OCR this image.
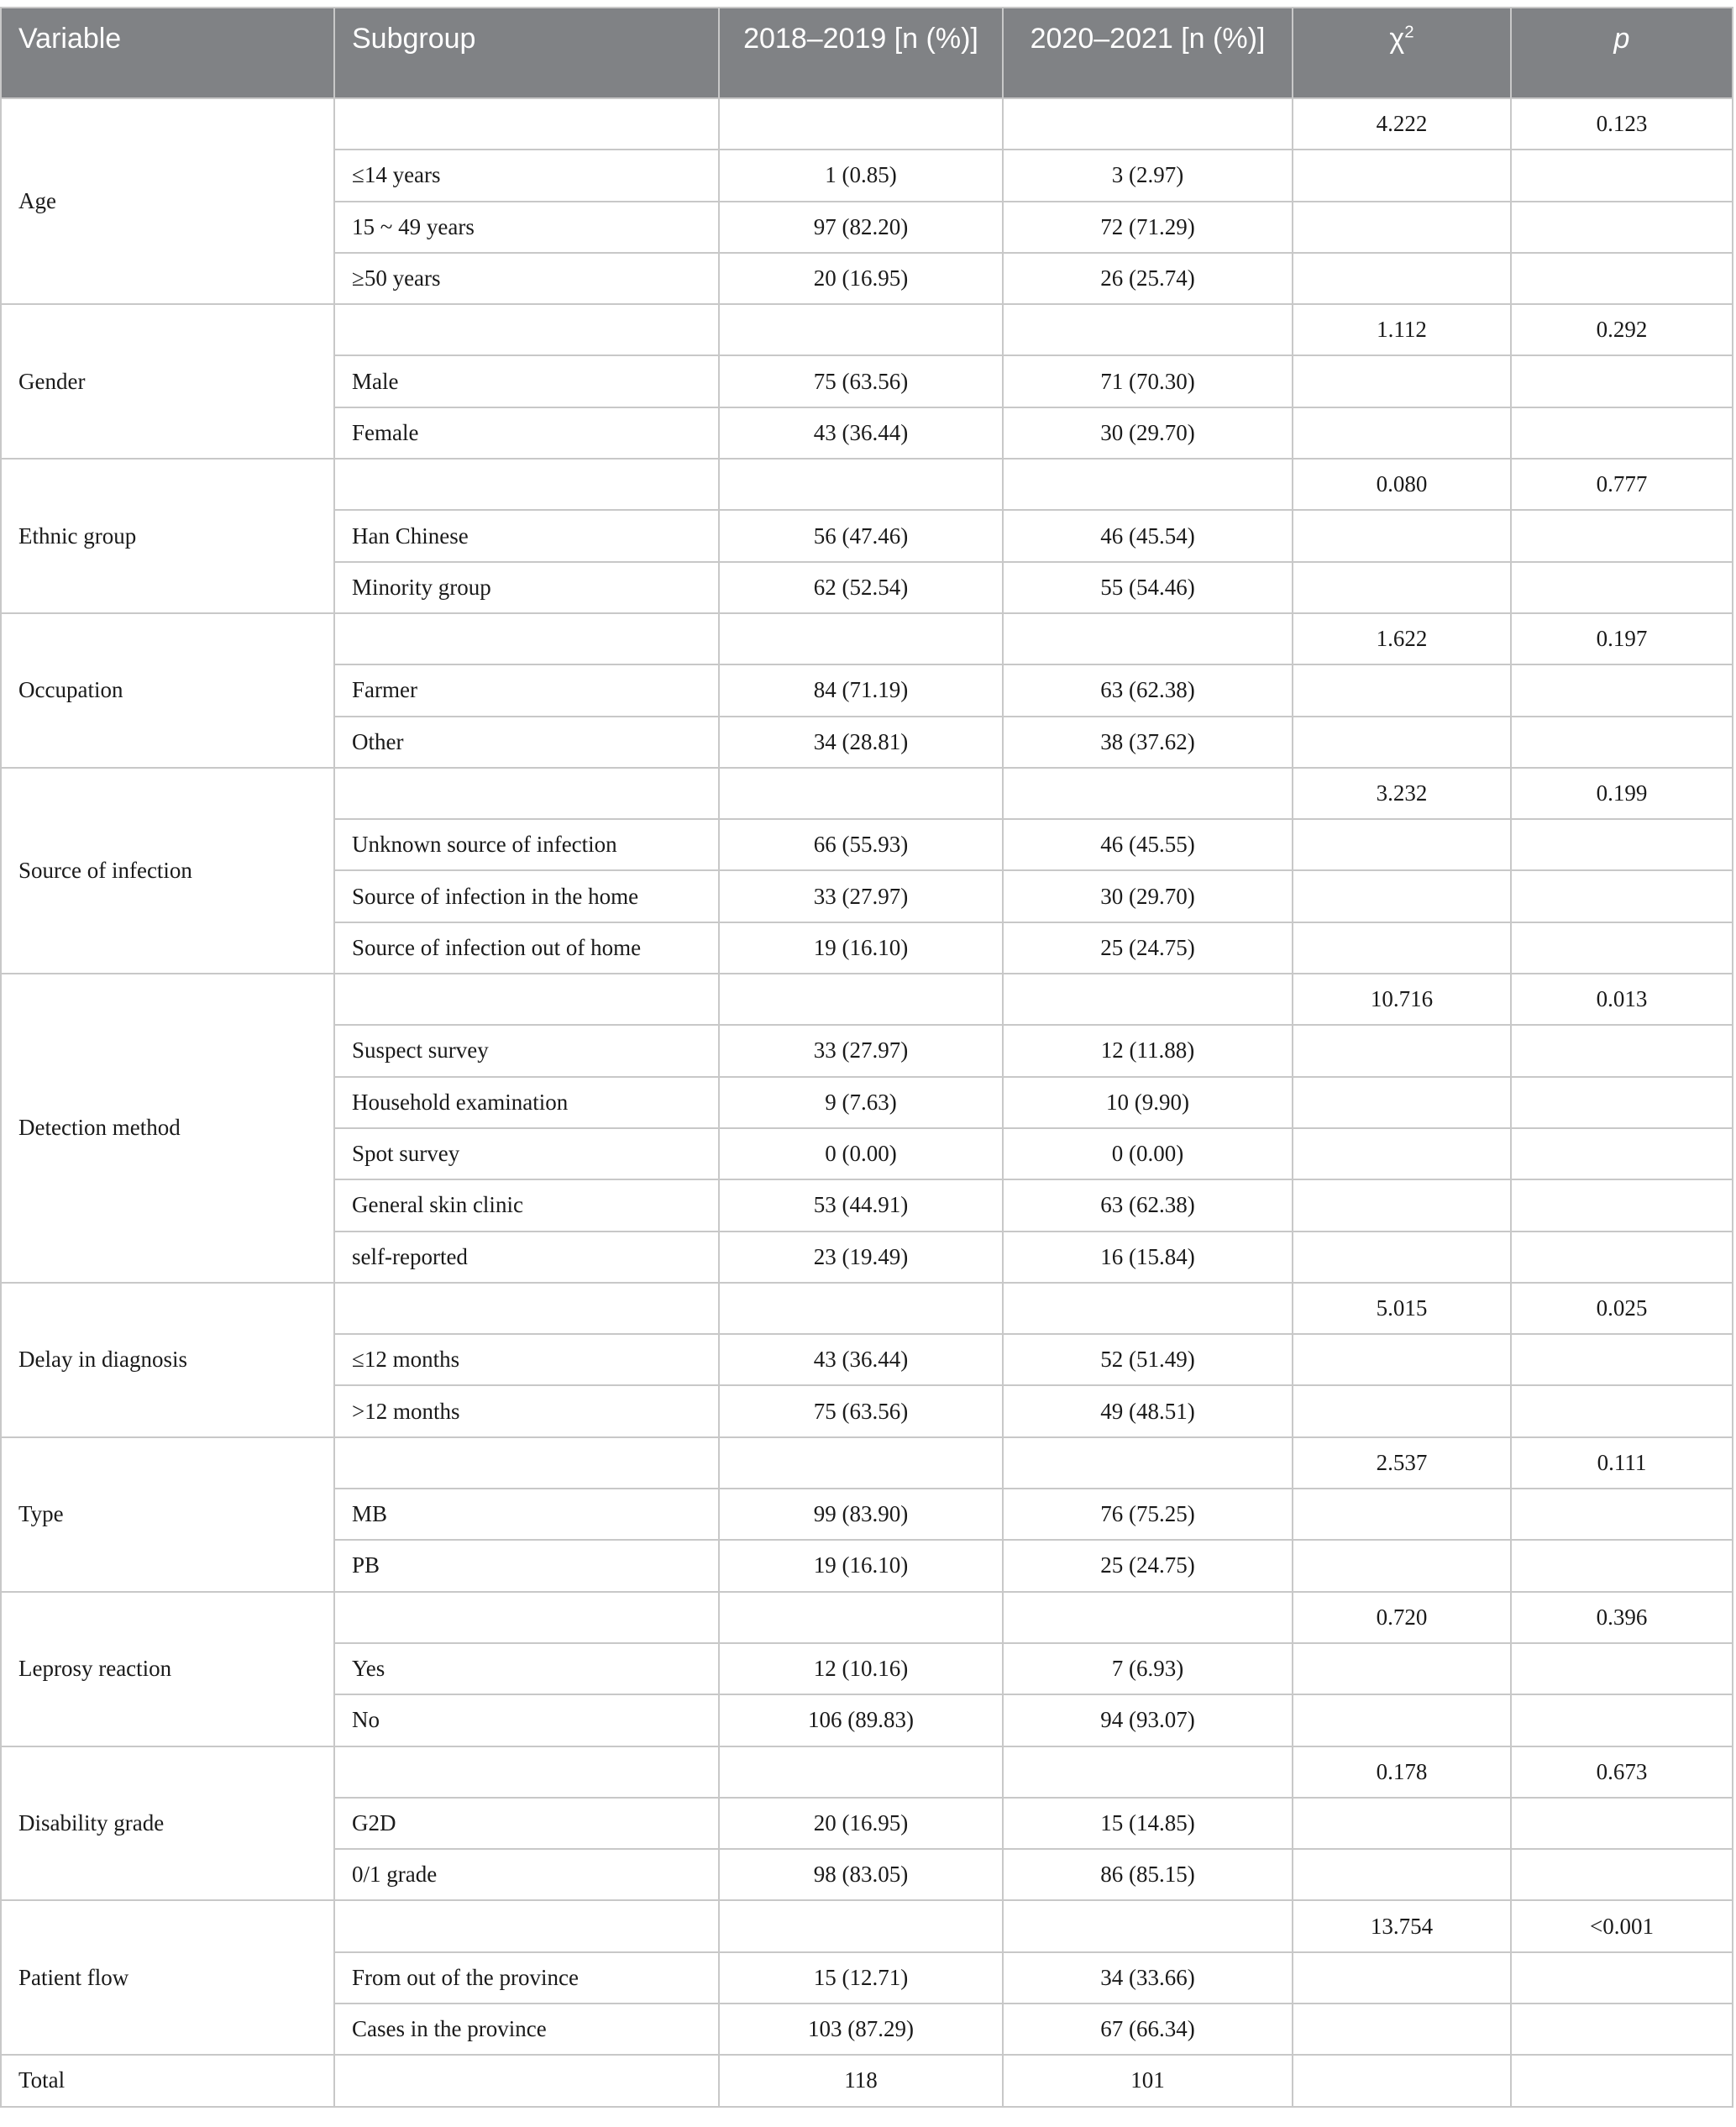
Variable	Subgroup	2018–2019 [n (%)]	2020–2021 [n (%)]	$\chi^2$	p
Age				4.222	0.123
	≤14 years	1 (0.85)	3 (2.97)		
	15 ~ 49 years	97 (82.20)	72 (71.29)		
	≥50 years	20 (16.95)	26 (25.74)		
Gender				1.112	0.292
	Male	75 (63.56)	71 (70.30)		
	Female	43 (36.44)	30 (29.70)		
Ethnic group				0.080	0.777
	Han Chinese	56 (47.46)	46 (45.54)		
	Minority group	62 (52.54)	55 (54.46)		
Occupation				1.622	0.197
	Farmer	84 (71.19)	63 (62.38)		
	Other	34 (28.81)	38 (37.62)		
Source of infection				3.232	0.199
	Unknown source of infection	66 (55.93)	46 (45.55)		
	Source of infection in the home	33 (27.97)	30 (29.70)		
	Source of infection out of home	19 (16.10)	25 (24.75)		
Detection method				10.716	0.013
	Suspect survey	33 (27.97)	12 (11.88)		
	Household examination	9 (7.63)	10 (9.90)		
	Spot survey	0 (0.00)	0 (0.00)		
	General skin clinic	53 (44.91)	63 (62.38)		
	self-reported	23 (19.49)	16 (15.84)		
Delay in diagnosis				5.015	0.025
	≤12 months	43 (36.44)	52 (51.49)		
	>12 months	75 (63.56)	49 (48.51)		
Type				2.537	0.111
	MB	99 (83.90)	76 (75.25)		
	PB	19 (16.10)	25 (24.75)		
Leprosy reaction				0.720	0.396
	Yes	12 (10.16)	7 (6.93)		
	No	106 (89.83)	94 (93.07)		
Disability grade				0.178	0.673
	G2D	20 (16.95)	15 (14.85)		
	0/1 grade	98 (83.05)	86 (85.15)		
Patient flow				13.754	<0.001
	From out of the province	15 (12.71)	34 (33.66)		
	Cases in the province	103 (87.29)	67 (66.34)		
Total		118	101		
